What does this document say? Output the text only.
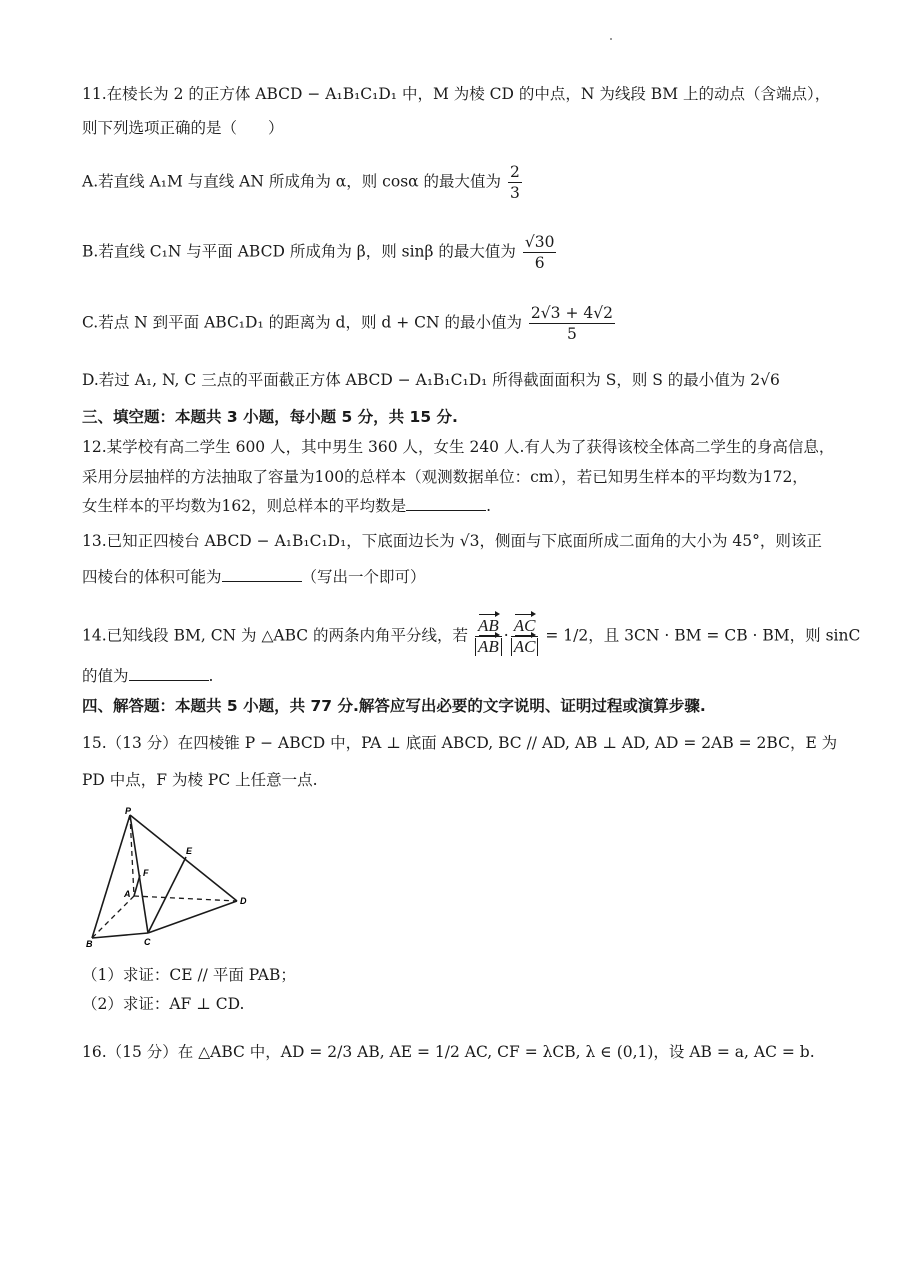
11.在棱长为 2 的正方体 ABCD − A₁B₁C₁D₁ 中，M 为棱 CD 的中点，N 为线段 BM 上的动点（含端点），
则下列选项正确的是（　　）
A.若直线 A₁M 与直线 AN 所成角为 α，则 cosα 的最大值为 $\frac{2}{3}$
B.若直线 C₁N 与平面 ABCD 所成角为 β，则 sinβ 的最大值为 $\frac{√30}{6}$
C.若点 N 到平面 ABC₁D₁ 的距离为 d，则 d + CN 的最小值为 $\frac{2√3 + 4√2}{5}$
D.若过 A₁, N, C 三点的平面截正方体 ABCD − A₁B₁C₁D₁ 所得截面面积为 S，则 S 的最小值为 2√6
三、填空题：本题共 3 小题，每小题 5 分，共 15 分.
12.某学校有高二学生 600 人，其中男生 360 人，女生 240 人.有人为了获得该校全体高二学生的身高信息，
采用分层抽样的方法抽取了容量为100的总样本（观测数据单位：cm），若已知男生样本的平均数为172，
女生样本的平均数为162，则总样本的平均数是	.
13.已知正四棱台 ABCD − A₁B₁C₁D₁，下底面边长为 √3，侧面与下底面所成二面角的大小为 45°，则该正
四棱台的体积可能为	（写出一个即可）
14.已知线段 BM, CN 为 △ABC 的两条内角平分线，若 $\frac{AB}{AB} \cdot \frac{AC}{AC} = 1/2$，且 3CN · BM = CB · BM，则 sinC
的值为	.
四、解答题：本题共 5 小题，共 77 分.解答应写出必要的文字说明、证明过程或演算步骤.
15.（13 分）在四棱锥 P − ABCD 中，PA ⊥ 底面 ABCD, BC // AD, AB ⊥ AD, AD = 2AB = 2BC，E 为
PD 中点，F 为棱 PC 上任意一点.
P
E
F
A
D
B	C
（1）求证：CE // 平面 PAB；
（2）求证：AF ⊥ CD.
16.（15 分）在 △ABC 中，AD = 2/3 AB, AE = 1/2 AC, CF = λCB, λ ∈ (0,1)，设 AB = a, AC = b.
